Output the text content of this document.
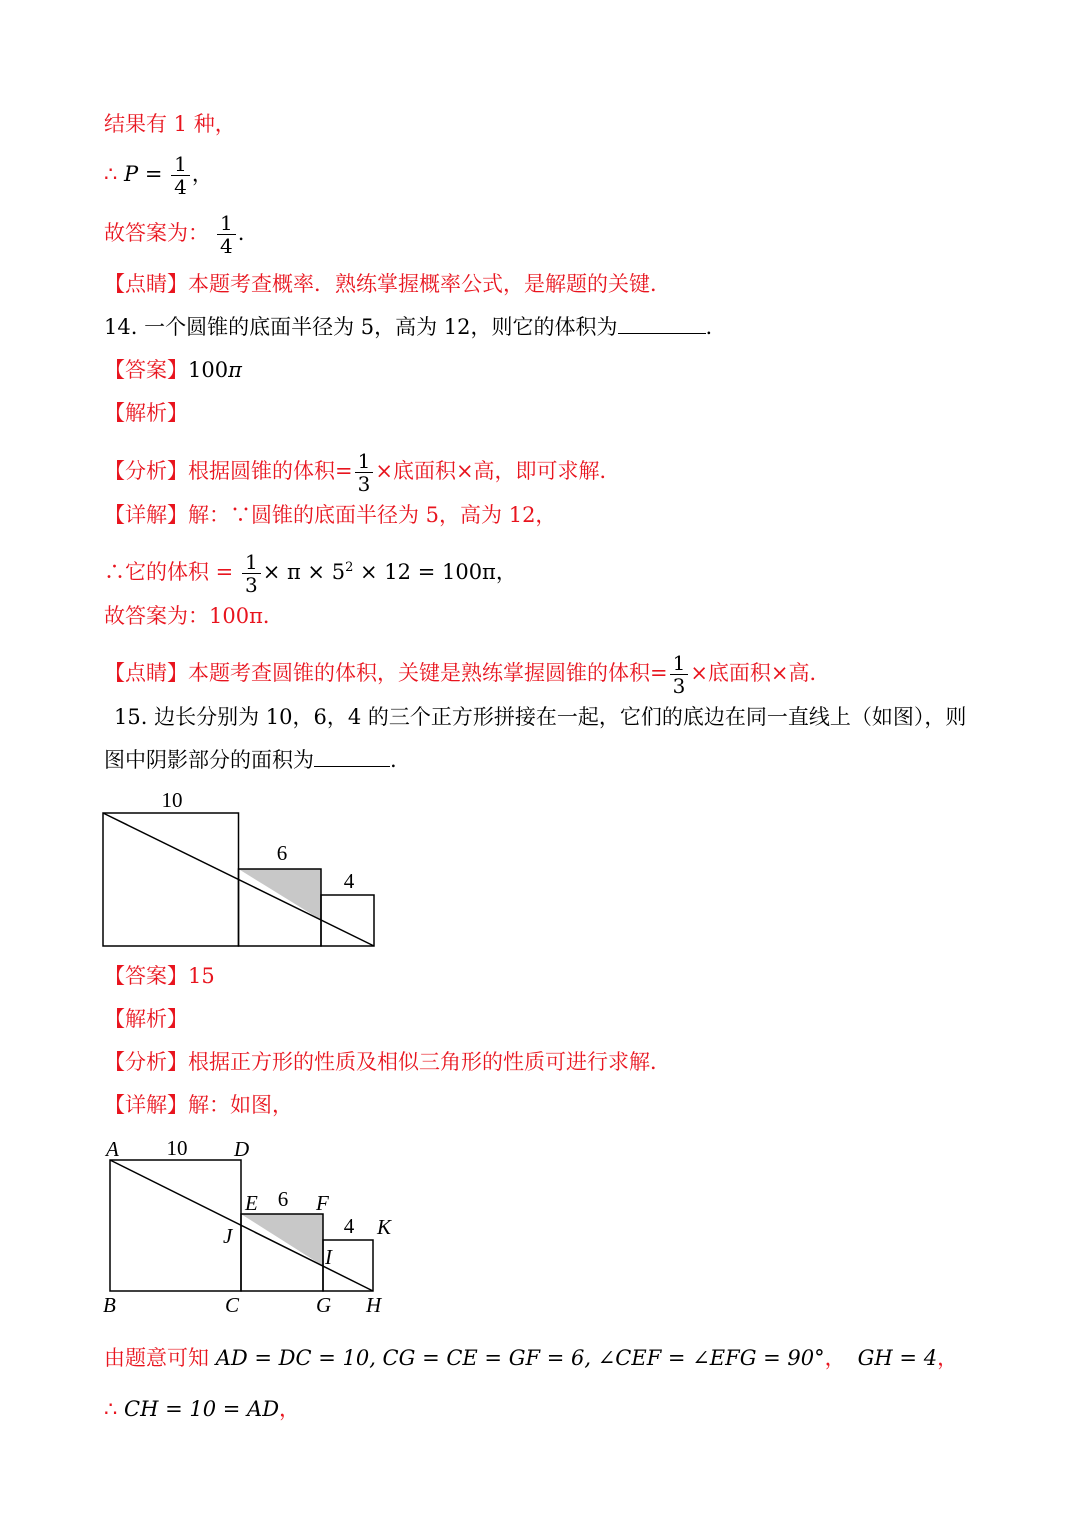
结果有 1 种，
∴ $P = \frac{1}{4}$ ，
故答案为： $\frac{1}{4}$ .
【点睛】本题考查概率．熟练掌握概率公式，是解题的关键．
14. 一个圆锥的底面半径为 5，高为 12，则它的体积为	.
【答案】100π
【解析】
【分析】根据圆锥的体积= $\frac{1}{3}$ ×底面积×高，即可求解．
【详解】解：∵圆锥的底面半径为 5，高为 12，
∴它的体积 = $\frac{1}{3} \times \pi \times 5^2 \times 12 = 100\pi$，
故答案为：100π．
【点睛】本题考查圆锥的体积，关键是熟练掌握圆锥的体积= $\frac{1}{3}$ ×底面积×高．
15. 边长分别为 10，6，4 的三个正方形拼接在一起，它们的底边在同一直线上（如图），则
图中阴影部分的面积为	.
10
6
4
【答案】15
【解析】
【分析】根据正方形的性质及相似三角形的性质可进行求解．
【详解】解：如图，
A	D
E	F
J
I
K
B	C	G H
10
6
4
由题意可知 AD = DC = 10, CG = CE = GF = 6, ∠CEF = ∠EFG = 90°， GH = 4，
∴ CH = 10 = AD，
